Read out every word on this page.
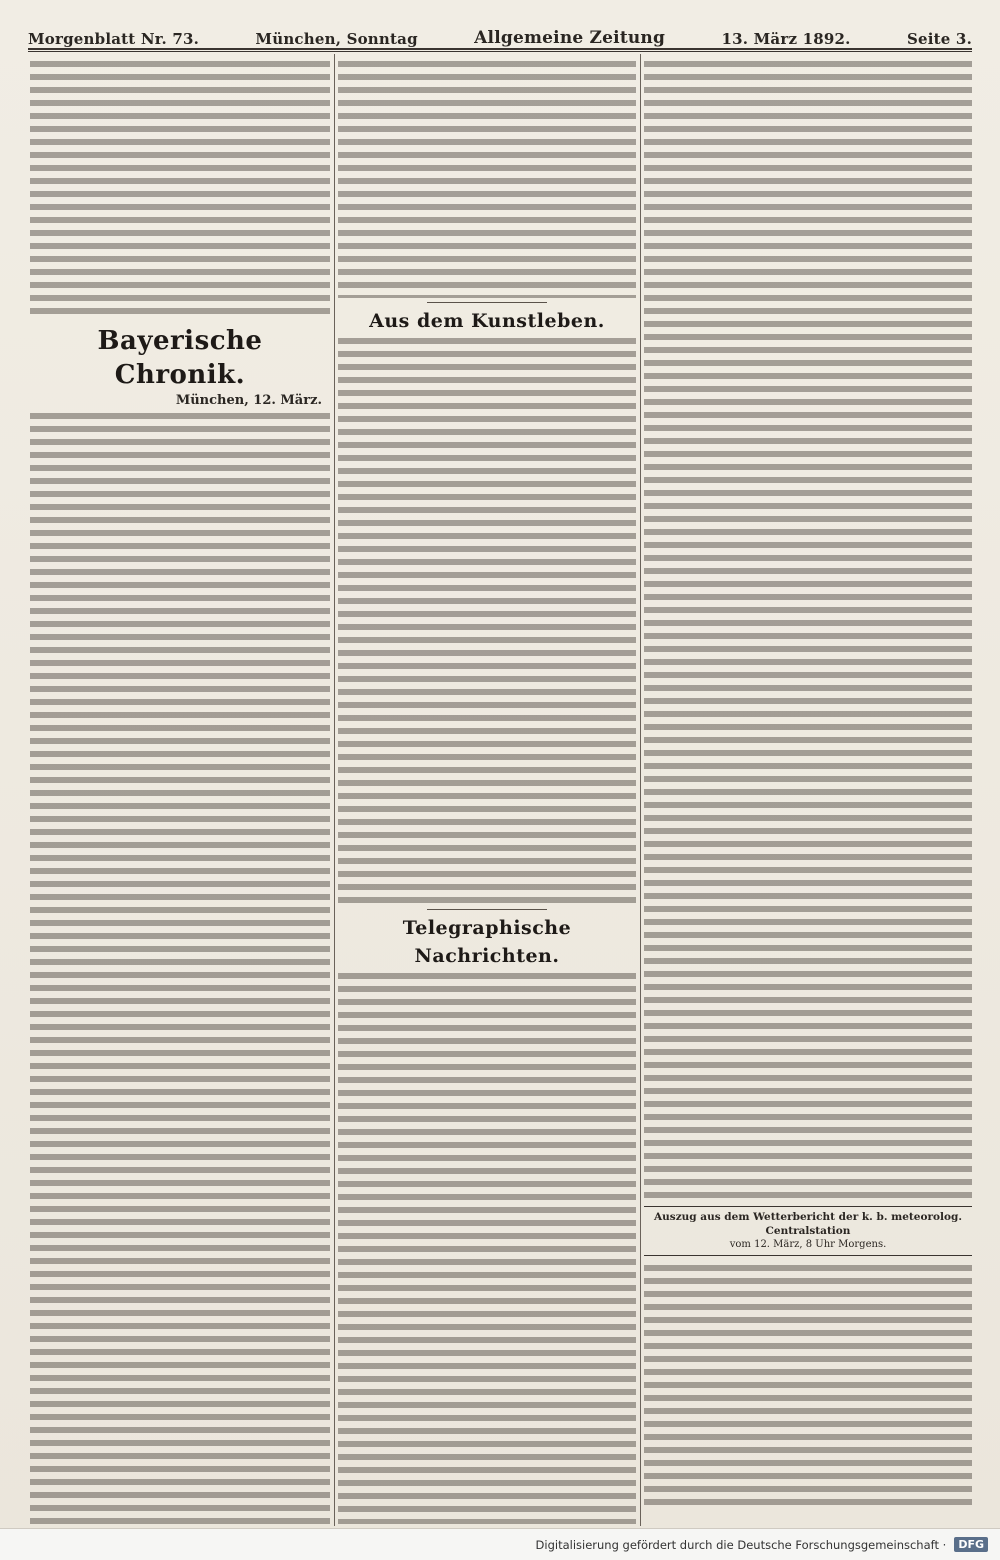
Morgenblatt Nr. 73.	München, Sonntag	Allgemeine Zeitung	13. März 1892.	Seite 3.
Bayerische Chronik.
München, 12. März.
Aus dem Kunstleben.
Telegraphische Nachrichten.
Auszug aus dem Wetterbericht der k. b. meteorolog. Centralstation
vom 12. März, 8 Uhr Morgens.
Digitalisierung gefördert durch die Deutsche Forschungsgemeinschaft ·	DFG
